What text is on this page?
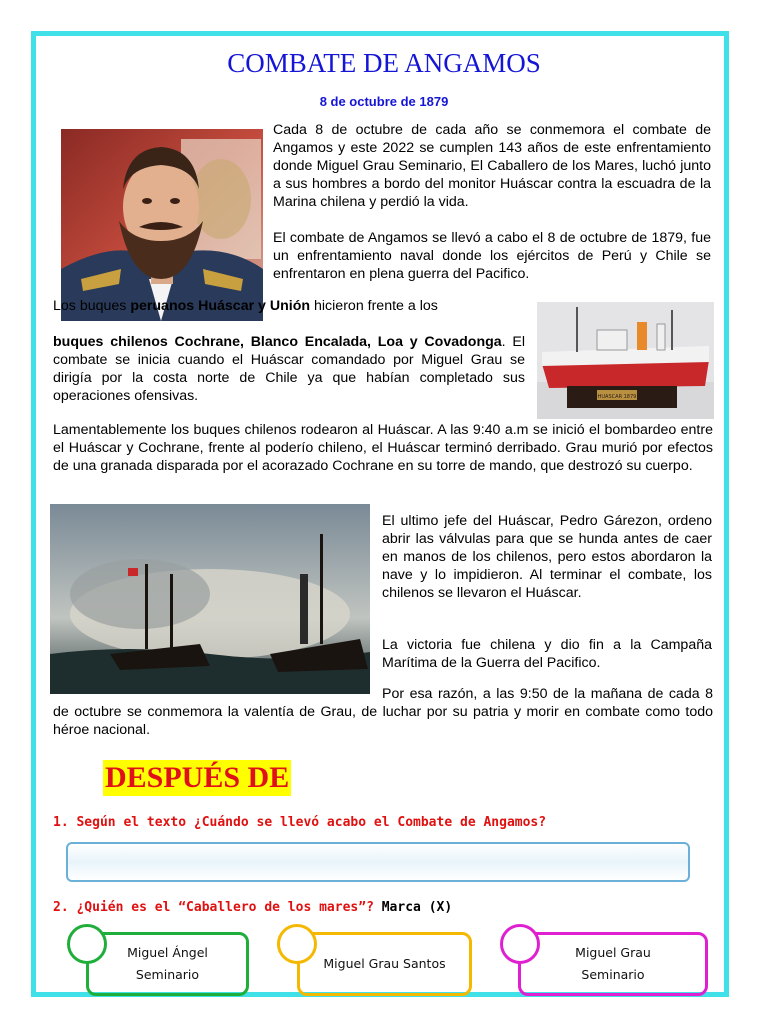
COMBATE DE ANGAMOS
8 de octubre de 1879

Cada 8 de octubre de cada año se conmemora el combate de Angamos y este 2022 se cumplen 143 años de este enfrentamiento donde Miguel Grau Seminario, El Caballero de los Mares, luchó junto a sus hombres a bordo del monitor Huáscar contra la escuadra de la Marina chilena y perdió la vida.

El combate de Angamos se llevó a cabo el 8 de octubre de 1879, fue un enfrentamiento naval donde los ejércitos de Perú y Chile se enfrentaron en plena guerra del Pacifico.

HUASCAR 1879

Los buques peruanos Huáscar y Unión hicieron frente a los

buques chilenos Cochrane, Blanco Encalada, Loa y Covadonga. El combate se inicia cuando el Huáscar comandado por Miguel Grau se dirigía por la costa norte de Chile ya que habían completado sus operaciones ofensivas.

Lamentablemente los buques chilenos rodearon al Huáscar. A las 9:40 a.m se inició el bombardeo entre el Huáscar y Cochrane, frente al poderío chileno, el Huáscar terminó derribado. Grau murió por efectos de una granada disparada por el acorazado Cochrane en su torre de mando, que destrozó su cuerpo.

El ultimo jefe del Huáscar, Pedro Gárezon, ordeno abrir las válvulas para que se hunda antes de caer en manos de los chilenos, pero estos abordaron la nave y lo impidieron. Al terminar el combate, los chilenos se llevaron el Huáscar.

La victoria fue chilena y dio fin a la Campaña Marítima de la Guerra del Pacifico.

Por esa razón, a las 9:50 de la mañana de cada 8 de octubre se conmemora la valentía de Grau, de luchar por su patria y morir en combate como todo héroe nacional.

DESPUÉS DE
1. Según el texto ¿Cuándo se llevó acabo el Combate de Angamos?
2. ¿Quién es el “Caballero de los mares”? Marca (X)
Miguel Ángel
Seminario
Miguel Grau Santos
Miguel Grau
Seminario
